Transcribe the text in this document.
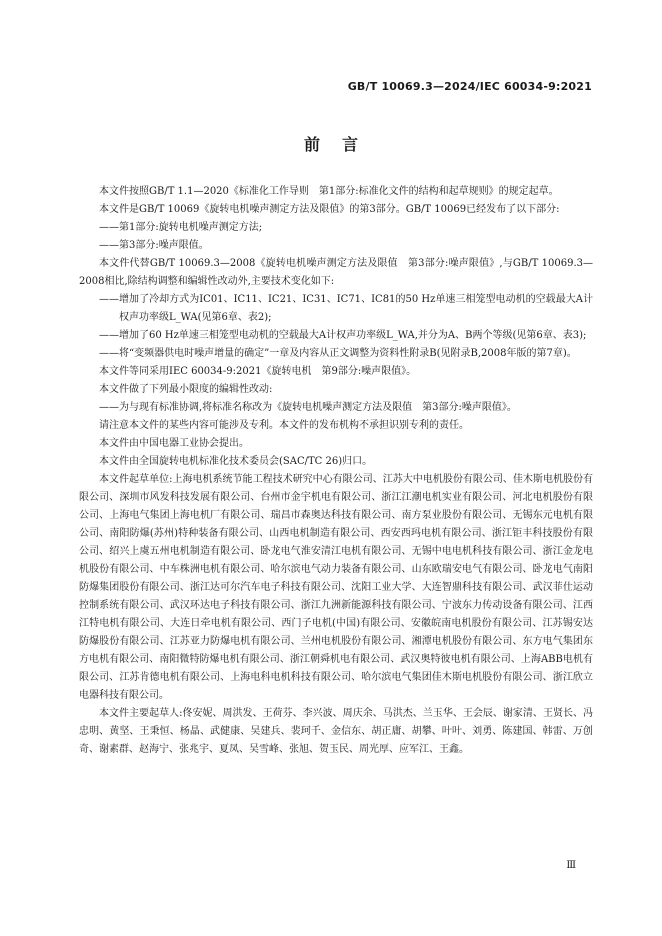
GB/T 10069.3—2024/IEC 60034-9:2021
前言
本文件按照GB/T 1.1—2020《标准化工作导则　第1部分:标准化文件的结构和起草规则》的规定起草。
本文件是GB/T 10069《旋转电机噪声测定方法及限值》的第3部分。GB/T 10069已经发布了以下部分:
——第1部分:旋转电机噪声测定方法;
——第3部分:噪声限值。
本文件代替GB/T 10069.3—2008《旋转电机噪声测定方法及限值　第3部分:噪声限值》,与GB/T 10069.3—2008相比,除结构调整和编辑性改动外,主要技术变化如下:
——增加了冷却方式为IC01、IC11、IC21、IC31、IC71、IC81的50 Hz单速三相笼型电动机的空载最大A计权声功率级L_WA(见第6章、表2);
——增加了60 Hz单速三相笼型电动机的空载最大A计权声功率级L_WA,并分为A、B两个等级(见第6章、表3);
——将“变频器供电时噪声增量的确定”一章及内容从正文调整为资料性附录B(见附录B,2008年版的第7章)。
本文件等同采用IEC 60034-9:2021《旋转电机　第9部分:噪声限值》。
本文件做了下列最小限度的编辑性改动:
——为与现有标准协调,将标准名称改为《旋转电机噪声测定方法及限值　第3部分:噪声限值》。
请注意本文件的某些内容可能涉及专利。本文件的发布机构不承担识别专利的责任。
本文件由中国电器工业协会提出。
本文件由全国旋转电机标准化技术委员会(SAC/TC 26)归口。
本文件起草单位:上海电机系统节能工程技术研究中心有限公司、江苏大中电机股份有限公司、佳木斯电机股份有限公司、深圳市风发科技发展有限公司、台州市金宇机电有限公司、浙江江潮电机实业有限公司、河北电机股份有限公司、上海电气集团上海电机厂有限公司、瑞昌市森奥达科技有限公司、南方泵业股份有限公司、无锡东元电机有限公司、南阳防爆(苏州)特种装备有限公司、山西电机制造有限公司、西安西玛电机有限公司、浙江钜丰科技股份有限公司、绍兴上虞五州电机制造有限公司、卧龙电气淮安清江电机有限公司、无锡中电电机科技有限公司、浙江金龙电机股份有限公司、中车株洲电机有限公司、哈尔滨电气动力装备有限公司、山东欧瑞安电气有限公司、卧龙电气南阳防爆集团股份有限公司、浙江达可尔汽车电子科技有限公司、沈阳工业大学、大连智鼎科技有限公司、武汉菲仕运动控制系统有限公司、武汉环达电子科技有限公司、浙江九洲新能源科技有限公司、宁波东力传动设备有限公司、江西江特电机有限公司、大连日牵电机有限公司、西门子电机(中国)有限公司、安徽皖南电机股份有限公司、江苏锡安达防爆股份有限公司、江苏亚力防爆电机有限公司、兰州电机股份有限公司、湘潭电机股份有限公司、东方电气集团东方电机有限公司、南阳微特防爆电机有限公司、浙江朝舜机电有限公司、武汉奥特彼电机有限公司、上海ABB电机有限公司、江苏肯德电机有限公司、上海电科电机科技有限公司、哈尔滨电气集团佳木斯电机股份有限公司、浙江欣立电器科技有限公司。
本文件主要起草人:佟安妮、周洪发、王荷芬、李兴波、周庆余、马洪杰、兰玉华、王会辰、谢家清、王贤长、冯忠明、黄坚、王秉恒、杨晶、武健康、吴建兵、裴珂千、金信东、胡正庸、胡攀、叶叶、刘勇、陈建国、韩雷、万创奇、谢素群、赵海宁、张兆宇、夏凤、吴雪峰、张旭、贺玉民、周光厚、应军江、王鑫。
Ⅲ
